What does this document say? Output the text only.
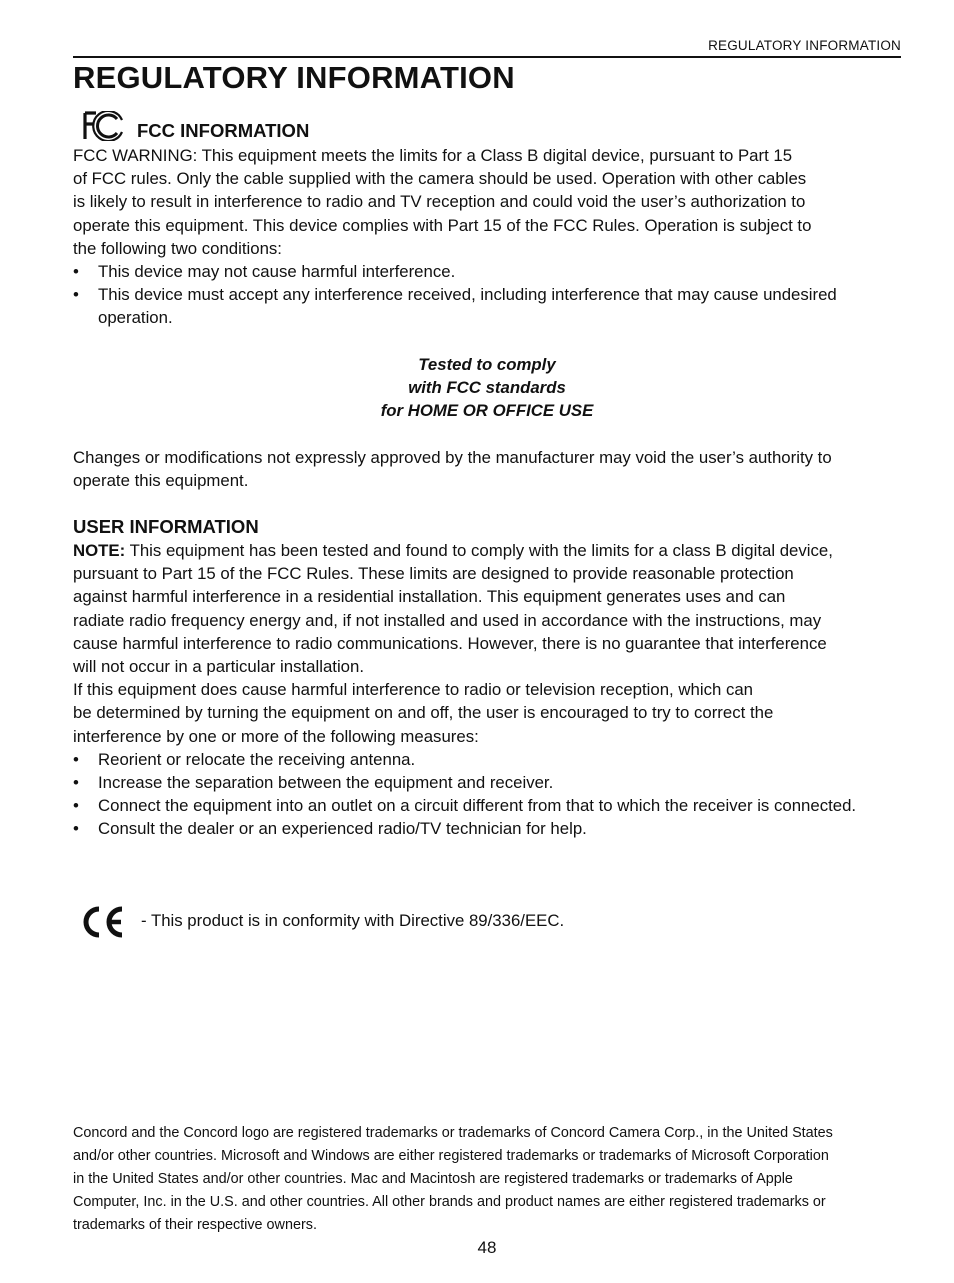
REGULATORY INFORMATION
REGULATORY INFORMATION
FCC INFORMATION

FCC WARNING: This equipment meets the limits for a Class B digital device, pursuant to Part 15

of FCC rules. Only the cable supplied with the camera should be used. Operation with other cables

is likely to result in interference to radio and TV reception and could void the user’s authorization to

operate this equipment. This device complies with Part 15 of the FCC Rules. Operation is subject to

the following two conditions:

• This device may not cause harmful interference.
• This device must accept any interference received, including interference that may cause undesired operation.
Tested to comply
with FCC standards
for HOME OR OFFICE USE

Changes or modifications not expressly approved by the manufacturer may void the user’s authority to

operate this equipment.

USER INFORMATION

NOTE: This equipment has been tested and found to comply with the limits for a class B digital device,

pursuant to Part 15 of the FCC Rules. These limits are designed to provide reasonable protection

against harmful interference in a residential installation. This equipment generates uses and can

radiate radio frequency energy and, if not installed and used in accordance with the instructions, may

cause harmful interference to radio communications. However, there is no guarantee that interference

will not occur in a particular installation.

If this equipment does cause harmful interference to radio or television reception, which can

be determined by turning the equipment on and off, the user is encouraged to try to correct the

interference by one or more of the following measures:

• Reorient or relocate the receiving antenna.
• Increase the separation between the equipment and receiver.
• Connect the equipment into an outlet on a circuit different from that to which the receiver is connected.
• Consult the dealer or an experienced radio/TV technician for help.
- This product is in conformity with Directive 89/336/EEC.
Concord and the Concord logo are registered trademarks or trademarks of Concord Camera Corp., in the United States
and/or other countries. Microsoft and Windows are either registered trademarks or trademarks of Microsoft Corporation
in the United States and/or other countries. Mac and Macintosh are registered trademarks or trademarks of Apple
Computer, Inc. in the U.S. and other countries. All other brands and product names are either registered trademarks or
trademarks of their respective owners.
48
